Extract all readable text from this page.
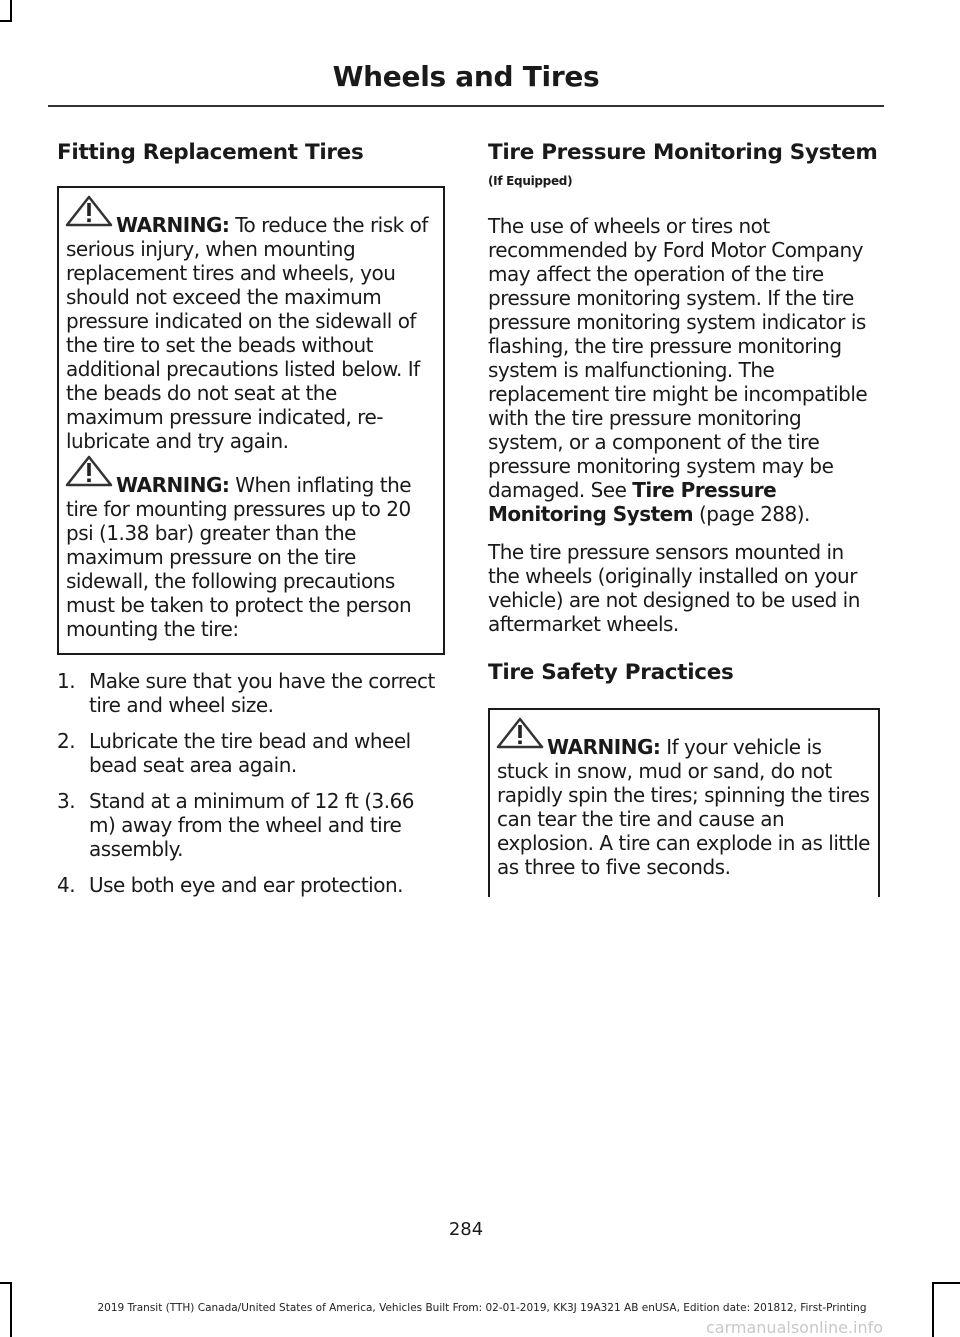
Wheels and Tires
Fitting Replacement Tires

WARNING: To reduce the risk of serious injury, when mounting replacement tires and wheels, you should not exceed the maximum pressure indicated on the sidewall of the tire to set the beads without additional precautions listed below. If the beads do not seat at the maximum pressure indicated, re-lubricate and try again.

WARNING: When inflating the tire for mounting pressures up to 20 psi (1.38 bar) greater than the maximum pressure on the tire sidewall, the following precautions must be taken to protect the person mounting the tire:

1. Make sure that you have the correct tire and wheel size.
2. Lubricate the tire bead and wheel bead seat area again.
3. Stand at a minimum of 12 ft (3.66 m) away from the wheel and tire assembly.
4. Use both eye and ear protection.
Tire Pressure Monitoring System (If Equipped)

The use of wheels or tires not recommended by Ford Motor Company may affect the operation of the tire pressure monitoring system. If the tire pressure monitoring system indicator is flashing, the tire pressure monitoring system is malfunctioning. The replacement tire might be incompatible with the tire pressure monitoring system, or a component of the tire pressure monitoring system may be damaged. See Tire Pressure Monitoring System (page 288).

The tire pressure sensors mounted in the wheels (originally installed on your vehicle) are not designed to be used in aftermarket wheels.

Tire Safety Practices

WARNING: If your vehicle is stuck in snow, mud or sand, do not rapidly spin the tires; spinning the tires can tear the tire and cause an explosion. A tire can explode in as little as three to five seconds.

284
2019 Transit (TTH) Canada/United States of America, Vehicles Built From: 02-01-2019, KK3J 19A321 AB enUSA, Edition date: 201812, First-Printing
carmanualsonline.info
